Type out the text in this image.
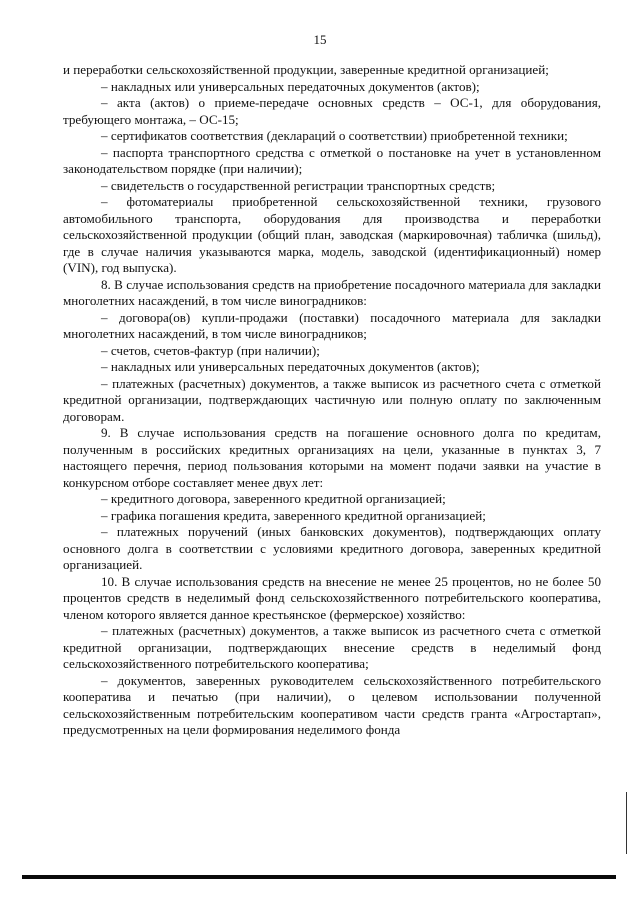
15

и переработки сельскохозяйственной продукции, заверенные кредитной организацией;

– накладных или универсальных передаточных документов (актов);

– акта (актов) о приеме-передаче основных средств – ОС-1, для оборудования, требующего монтажа, – ОС-15;

– сертификатов соответствия (деклараций о соответствии) приобретенной техники;

– паспорта транспортного средства с отметкой о постановке на учет в установленном законодательством порядке (при наличии);

– свидетельств о государственной регистрации транспортных средств;

– фотоматериалы приобретенной сельскохозяйственной техники, грузового автомобильного транспорта, оборудования для производства и переработки сельскохозяйственной продукции (общий план, заводская (маркировочная) табличка (шильд), где в случае наличия указываются марка, модель, заводской (идентификационный) номер (VIN), год выпуска).

8. В случае использования средств на приобретение посадочного материала для закладки многолетних насаждений, в том числе виноградников:

– договора(ов) купли-продажи (поставки) посадочного материала для закладки многолетних насаждений, в том числе виноградников;

– счетов, счетов-фактур (при наличии);

– накладных или универсальных передаточных документов (актов);

– платежных (расчетных) документов, а также выписок из расчетного счета с отметкой кредитной организации, подтверждающих частичную или полную оплату по заключенным договорам.

9. В случае использования средств на погашение основного долга по кредитам, полученным в российских кредитных организациях на цели, указанные в пунктах 3, 7 настоящего перечня, период пользования которыми на момент подачи заявки на участие в конкурсном отборе составляет менее двух лет:

– кредитного договора, заверенного кредитной организацией;

– графика погашения кредита, заверенного кредитной организацией;

– платежных поручений (иных банковских документов), подтверждающих оплату основного долга в соответствии с условиями кредитного договора, заверенных кредитной организацией.

10. В случае использования средств на внесение не менее 25 процентов, но не более 50 процентов средств в неделимый фонд сельскохозяйственного потребительского кооператива, членом которого является данное крестьянское (фермерское) хозяйство:

– платежных (расчетных) документов, а также выписок из расчетного счета с отметкой кредитной организации, подтверждающих внесение средств в неделимый фонд сельскохозяйственного потребительского кооператива;

– документов, заверенных руководителем сельскохозяйственного потребительского кооператива и печатью (при наличии), о целевом использовании полученной сельскохозяйственным потребительским кооперативом части средств гранта «Агростартап», предусмотренных на цели формирования неделимого фонда
